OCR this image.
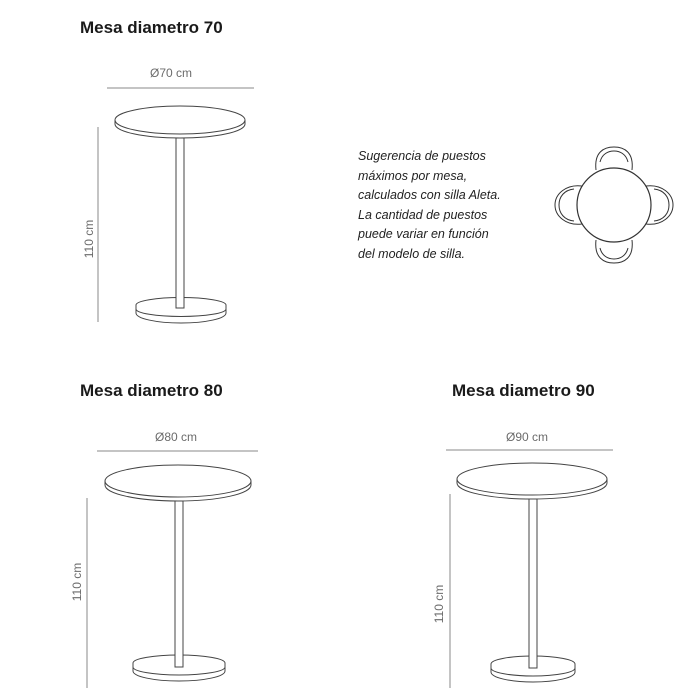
Mesa diametro 70
Ø70 cm
110 cm
Mesa diametro 80
Ø80 cm
110 cm
Mesa diametro 90
Ø90 cm
110 cm
Sugerencia de puestos
máximos por mesa,
calculados con silla Aleta.
La cantidad de puestos
puede variar en función
del modelo de silla.
